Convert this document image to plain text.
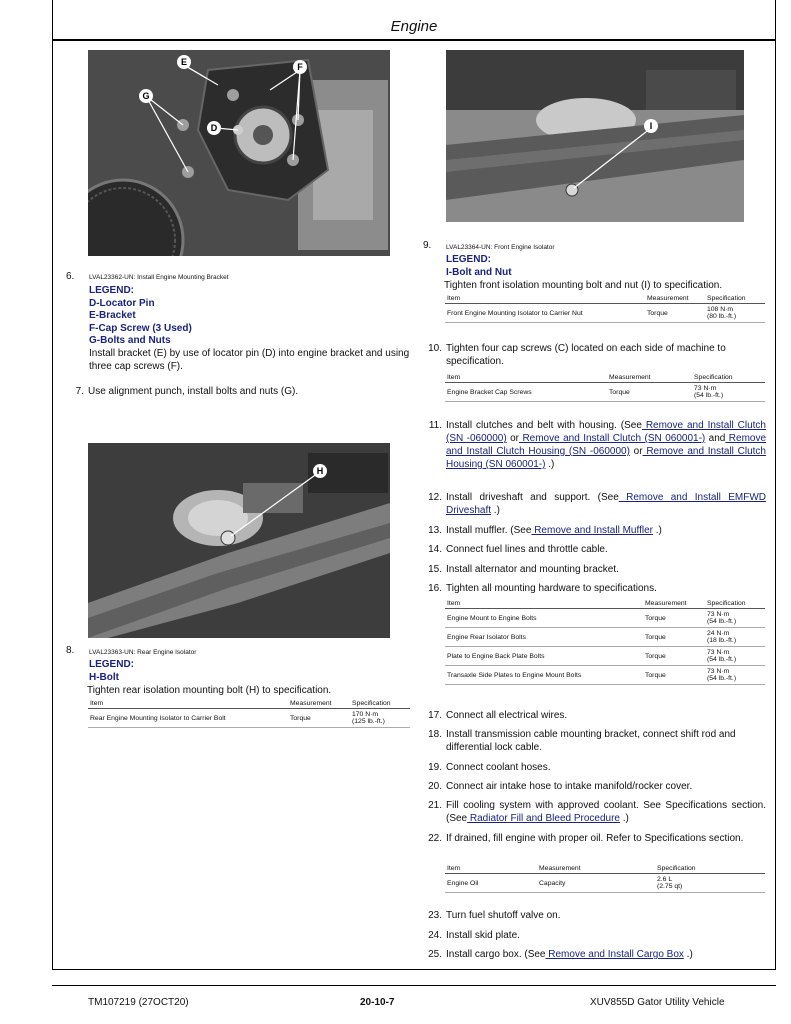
Engine
E	F
G
D
6. LVAL23362-UN: Install Engine Mounting Bracket
LEGEND:
D-Locator Pin
E-Bracket
F-Cap Screw (3 Used)
G-Bolts and Nuts
Install bracket (E) by use of locator pin (D) into engine bracket and using three cap screws (F).
7. Use alignment punch, install bolts and nuts (G).
H
8. LVAL23363-UN: Rear Engine Isolator
LEGEND:
H-Bolt
Tighten rear isolation mounting bolt (H) to specification.
Item	Measurement	Specification
Rear Engine Mounting Isolator to Carrier Bolt	Torque	170 N·m
(125 lb.-ft.)
I
9. LVAL23364-UN: Front Engine Isolator
LEGEND:
I-Bolt and Nut
Tighten front isolation mounting bolt and nut (I) to specification.
Item	Measurement	Specification
Front Engine Mounting Isolator to Carrier Nut	Torque	108 N·m
(80 lb.-ft.)
10. Tighten four cap screws (C) located on each side of machine to specification.
Item	Measurement	Specification
Engine Bracket Cap Screws	Torque	73 N·m
(54 lb.-ft.)
11. Install clutches and belt with housing. (See Remove and Install Clutch (SN -060000) or Remove and Install Clutch (SN 060001-) and Remove and Install Clutch Housing (SN -060000) or Remove and Install Clutch Housing (SN 060001-) .)
12. Install driveshaft and support. (See Remove and Install EMFWD Driveshaft .)
13. Install muffler. (See Remove and Install Muffler .)
14. Connect fuel lines and throttle cable.
15. Install alternator and mounting bracket.
16. Tighten all mounting hardware to specifications.
Item	Measurement	Specification
Engine Mount to Engine Bolts	Torque	73 N·m
(54 lb.-ft.)

Engine Rear Isolator Bolts	Torque	24 N·m
(18 lb.-ft.)

Plate to Engine Back Plate Bolts	Torque	73 N·m
(54 lb.-ft.)

Transaxle Side Plates to Engine Mount Bolts	Torque	73 N·m
(54 lb.-ft.)
17. Connect all electrical wires.
18. Install transmission cable mounting bracket, connect shift rod and differential lock cable.
19. Connect coolant hoses.
20. Connect air intake hose to intake manifold/rocker cover.
21. Fill cooling system with approved coolant. See Specifications section. (See Radiator Fill and Bleed Procedure .)
22. If drained, fill engine with proper oil. Refer to Specifications section.
Item	Measurement	Specification
Engine Oil	Capacity	2.6 L
(2.75 qt)
23. Turn fuel shutoff valve on.
24. Install skid plate.
25. Install cargo box. (See Remove and Install Cargo Box .)
TM107219 (27OCT20)	20-10-7	XUV855D Gator Utility Vehicle
